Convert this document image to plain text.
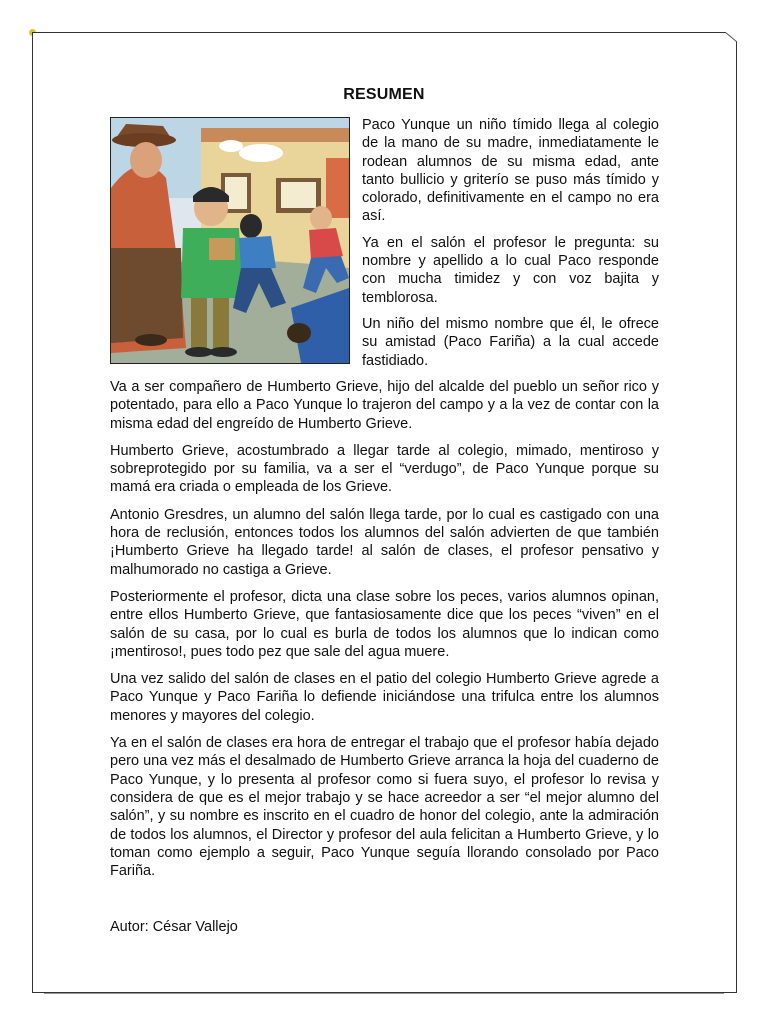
RESUMEN

Paco Yunque un niño tímido llega al colegio de la mano de su madre, inmediatamente le rodean alumnos de su misma edad, ante tanto bullicio y griterío se puso más tímido y colorado, definitivamente en el campo no era así.

Ya en el salón el profesor le pregunta: su nombre y apellido a lo cual Paco responde con mucha timidez y con voz bajita y temblorosa.

Un niño del mismo nombre que él, le ofrece su amistad (Paco Fariña) a la cual accede fastidiado.

Va a ser compañero de Humberto Grieve, hijo del alcalde del pueblo un señor rico y potentado, para ello a Paco Yunque lo trajeron del campo y a la vez de contar con la misma edad del engreído de Humberto Grieve.

Humberto Grieve, acostumbrado a llegar tarde al colegio, mimado, mentiroso y sobreprotegido por su familia, va a ser el “verdugo”, de Paco Yunque porque su mamá era criada o empleada de los Grieve.

Antonio Gresdres, un alumno del salón llega tarde, por lo cual es castigado con una hora de reclusión, entonces todos los alumnos del salón advierten de que también ¡Humberto Grieve ha llegado tarde! al salón de clases, el profesor pensativo y malhumorado no castiga a Grieve.

Posteriormente el profesor, dicta una clase sobre los peces, varios alumnos opinan, entre ellos Humberto Grieve, que fantasiosamente dice que los peces “viven” en el salón de su casa, por lo cual es burla de todos los alumnos que lo indican como ¡mentiroso!, pues todo pez que sale del agua muere.

Una vez salido del salón de clases en el patio del colegio Humberto Grieve agrede a Paco Yunque y Paco Fariña lo defiende iniciándose una trifulca entre los alumnos menores y mayores del colegio.

Ya en el salón de clases era hora de entregar el trabajo que el profesor había dejado pero una vez más el desalmado de Humberto Grieve arranca la hoja del cuaderno de Paco Yunque, y lo presenta al profesor como si fuera suyo, el profesor lo revisa y considera de que es el mejor trabajo y se hace acreedor a ser “el mejor alumno del salón”, y su nombre es inscrito en el cuadro de honor del colegio, ante la admiración de todos los alumnos, el Director y profesor del aula felicitan a Humberto Grieve, y lo toman como ejemplo a seguir, Paco Yunque seguía llorando consolado por Paco Fariña.

Autor: César Vallejo
